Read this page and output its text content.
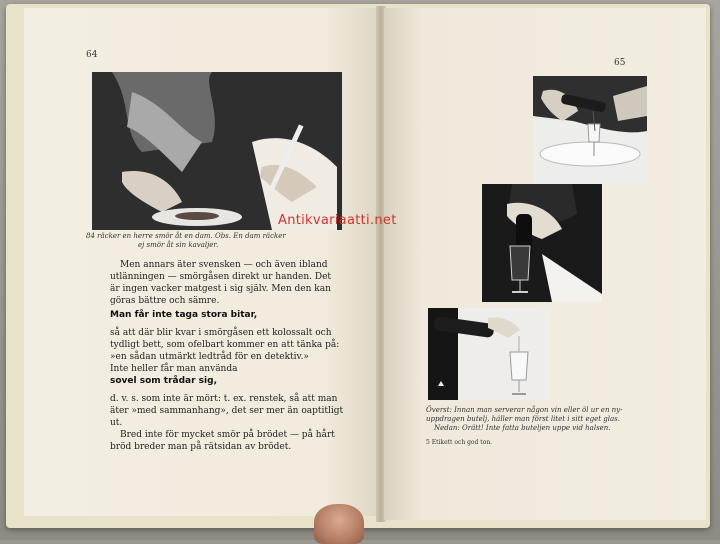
64
84 räcker en herre smör åt en dam. Obs. En dam räcker
ej smör åt sin kavaljer.
65
Överst: Innan man serverar någon vin eller öl ur en ny-
uppdragen butelj, häller man först litet i sitt eget glas.
Nedan: Orätt! Inte fatta buteljen uppe vid halsen.
5 Etikett och god ton.
Men annars äter svensken — och även ibland
utlänningen — smörgåsen direkt ur handen. Det
är ingen vacker matgest i sig själv. Men den kan
göras bättre och sämre.
Man får inte taga stora bitar,
så att där blir kvar i smörgåsen ett kolossalt och
tydligt bett, som ofelbart kommer en att tänka på:
»en sådan utmärkt ledtråd för en detektiv.»
Inte heller får man använda
sovel som trådar sig,
d. v. s. som inte är mört: t. ex. renstek, så att man
äter »med sammanhang», det ser mer än oaptitligt
ut.
Bred inte för mycket smör på brödet — på hårt
bröd breder man på rätsidan av brödet.
Antikvariaatti.net
